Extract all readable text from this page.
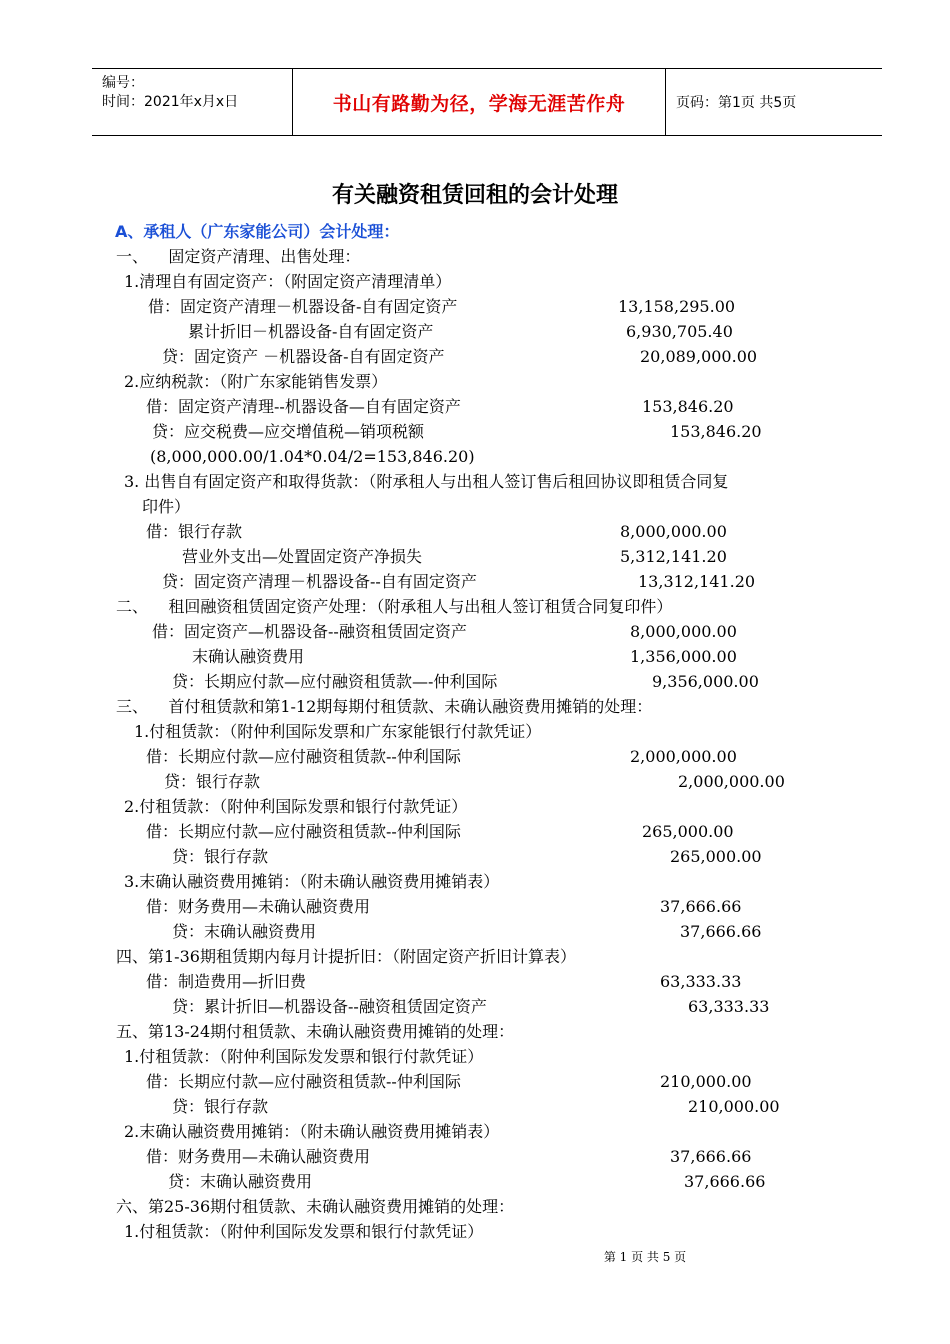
编号：
时间：2021年x月x日	书山有路勤为径，学海无涯苦作舟	页码：第1页 共5页
有关融资租赁回租的会计处理
A、承租人（广东家能公司）会计处理：
一、    固定资产清理、出售处理：
1.清理自有固定资产：（附固定资产清理清单）
借：固定资产清理－机器设备-自有固定资产
累计折旧－机器设备-自有固定资产
贷：固定资产 －机器设备-自有固定资产
2.应纳税款：（附广东家能销售发票）
借：固定资产清理--机器设备—自有固定资产
贷：应交税费—应交增值税—销项税额
(8,000,000.00/1.04*0.04/2=153,846.20)
3. 出售自有固定资产和取得货款：（附承租人与出租人签订售后租回协议即租赁合同复
印件）
借：银行存款
营业外支出—处置固定资产净损失
贷：固定资产清理－机器设备--自有固定资产
二、    租回融资租赁固定资产处理：（附承租人与出租人签订租赁合同复印件）
借：固定资产—机器设备--融资租赁固定资产
末确认融资费用
贷：长期应付款—应付融资租赁款—-仲利国际
三、    首付租赁款和第1-12期每期付租赁款、未确认融资费用摊销的处理：
1.付租赁款：（附仲利国际发票和广东家能银行付款凭证）
借：长期应付款—应付融资租赁款--仲利国际
贷：银行存款
2.付租赁款：（附仲利国际发票和银行付款凭证）
借：长期应付款—应付融资租赁款--仲利国际
贷：银行存款
3.末确认融资费用摊销：（附未确认融资费用摊销表）
借：财务费用—未确认融资费用
贷：末确认融资费用
四、第1-36期租赁期内每月计提折旧：（附固定资产折旧计算表）
借：制造费用—折旧费
贷：累计折旧—机器设备--融资租赁固定资产
五、第13-24期付租赁款、未确认融资费用摊销的处理：
1.付租赁款：（附仲利国际发发票和银行付款凭证）
借：长期应付款—应付融资租赁款--仲利国际
贷：银行存款
2.末确认融资费用摊销：（附未确认融资费用摊销表）
借：财务费用—未确认融资费用
贷：末确认融资费用
六、第25-36期付租赁款、未确认融资费用摊销的处理：
1.付租赁款：（附仲利国际发发票和银行付款凭证）
13,158,295.00
6,930,705.40
20,089,000.00
153,846.20
153,846.20
8,000,000.00
5,312,141.20
13,312,141.20
8,000,000.00
1,356,000.00
9,356,000.00
2,000,000.00
2,000,000.00
265,000.00
265,000.00
37,666.66
37,666.66
63,333.33
63,333.33
210,000.00
210,000.00
37,666.66
37,666.66
第 1 页 共 5 页
